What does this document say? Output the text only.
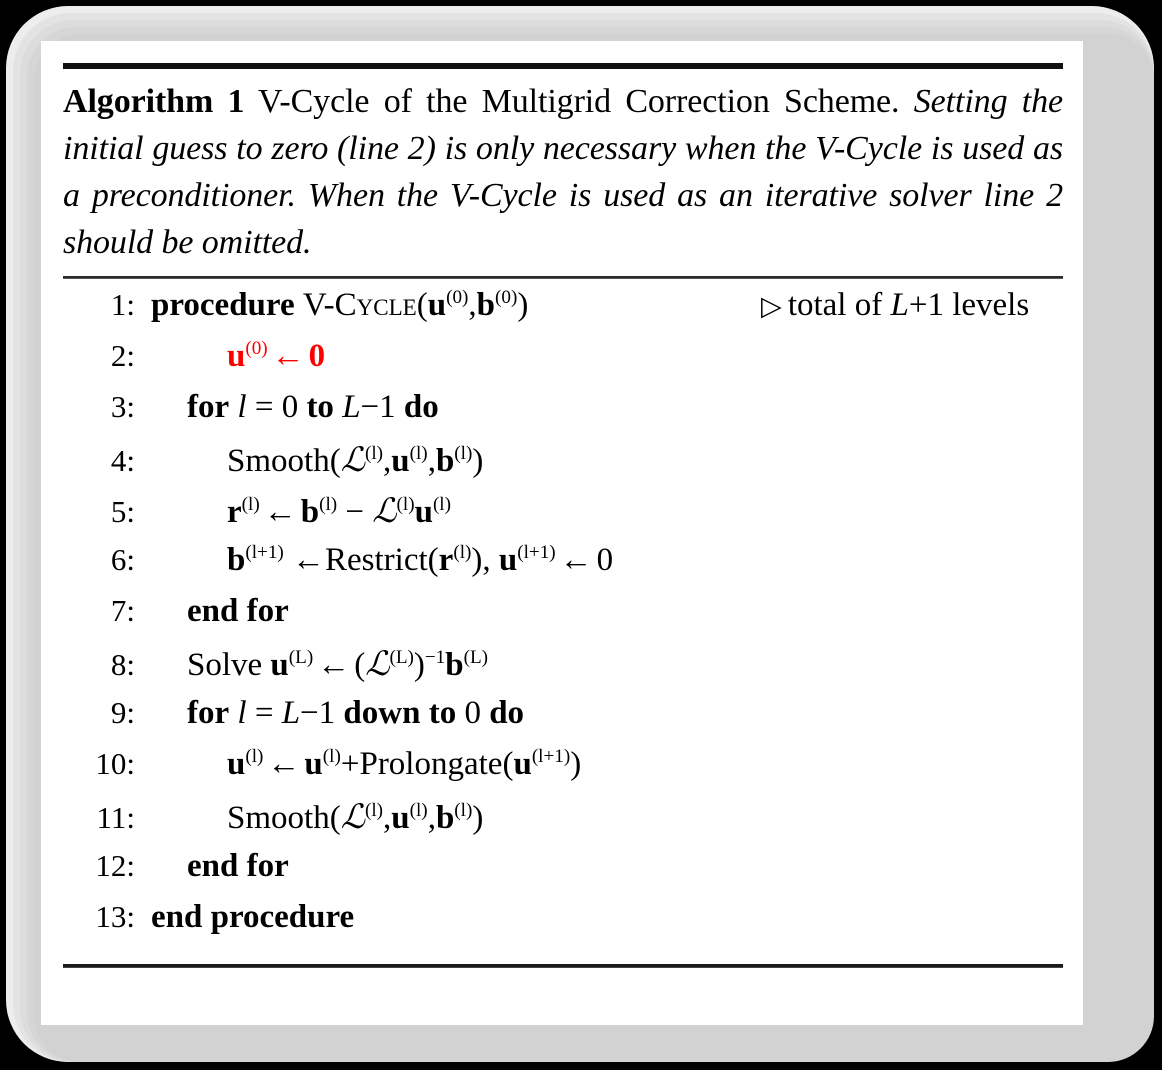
Algorithm 1 V-Cycle of the Multigrid Correction Scheme. Setting the initial guess to zero (line 2) is only necessary when the V-Cycle is used as a preconditioner. When the V-Cycle is used as an iterative solver line 2 should be omitted.
1: procedure $V-Cycle(u^{(0)},b^{(0)})$	▷ total of L+1 levels
2:	$u^{(0)}$ ← 0
3:	for l = 0 to L−1 do
4:	$Smooth(ℒ^{(l)},u^{(l)},b^{(l)})$
5:	$r^{(l)}$ ← $b^{(l)}$ − $ℒ^{(l)}u^{(l)}$
6:	$b^{(l+1)}$ $\leftarrow Restrict(r^{(l)})$, $u^{(l+1)}$ ← 0
7:	end for
8:	Solve $u^{(L)}$ ← $(ℒ^{(L)})^{-1}b^{(L)}$
9:	for l = L−1 down to 0 do
10:	$u^{(l)}$ ← $u^{(l)}+Prolongate(u^{(l+1)})$
11:	$Smooth(ℒ^{(l)},u^{(l)},b^{(l)})$
12:	end for
13: end procedure
